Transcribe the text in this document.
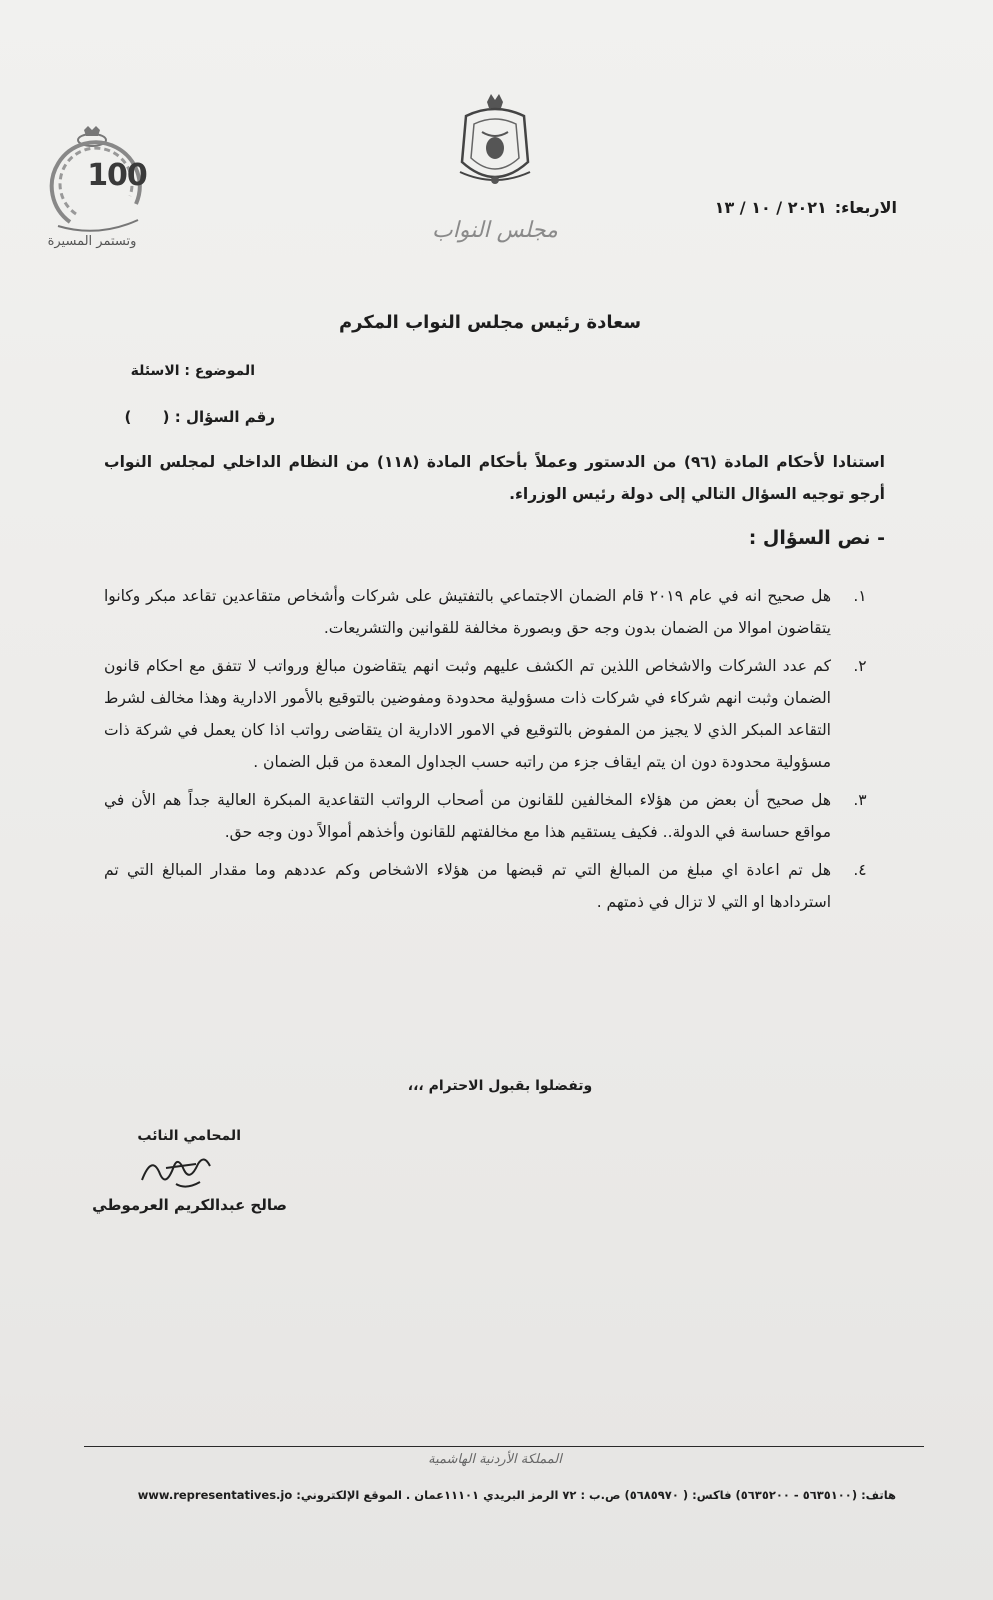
100
وتستمر المسيرة	مجلس النواب
الاربعاء:٢٠٢١ / ١٠ / ١٣
سعادة رئيس مجلس النواب المكرم
الموضوع : الاسئلة
رقم السؤال : (      )
استنادا لأحكام المادة (٩٦) من الدستور وعملاً بأحكام المادة (١١٨) من النظام الداخلي لمجلس النواب أرجو توجيه السؤال التالي إلى دولة رئيس الوزراء.
- نص السؤال :
١.
هل صحيح انه في عام ٢٠١٩ قام الضمان الاجتماعي بالتفتيش على شركات وأشخاص متقاعدين تقاعد مبكر وكانوا يتقاضون اموالا من الضمان بدون وجه حق وبصورة مخالفة للقوانين والتشريعات.
٢.
كم عدد الشركات والاشخاص اللذين تم الكشف عليهم وثبت انهم يتقاضون مبالغ ورواتب لا تتفق مع احكام قانون الضمان وثبت انهم شركاء في شركات ذات مسؤولية محدودة ومفوضين بالتوقيع بالأمور الادارية وهذا مخالف لشرط التقاعد المبكر الذي لا يجيز من المفوض بالتوقيع في الامور الادارية ان يتقاضى رواتب اذا كان يعمل في شركة ذات مسؤولية محدودة دون ان يتم ايقاف جزء من راتبه حسب الجداول المعدة من قبل الضمان .
٣.
هل صحيح أن بعض من هؤلاء المخالفين للقانون من أصحاب الرواتب التقاعدية المبكرة العالية جداً هم الأن في مواقع حساسة في الدولة.. فكيف يستقيم هذا مع مخالفتهم للقانون وأخذهم أموالاً دون وجه حق.
٤.
هل تم اعادة اي مبلغ من المبالغ التي تم قبضها من هؤلاء الاشخاص وكم عددهم وما مقدار المبالغ التي تم استردادها او التي لا تزال في ذمتهم .
وتفضلوا بقبول الاحترام ،،،
المحامي النائب
صالح عبدالكريم العرموطي
المملكة الأردنية الهاشمية
هاتف: (٥٦٣٥١٠٠ - ٥٦٣٥٢٠٠) فاكس: ( ٥٦٨٥٩٧٠) ص.ب : ٧٢ الرمز البريدي ١١١٠١عمان . الموقع الإلكتروني: www.representatives.jo
